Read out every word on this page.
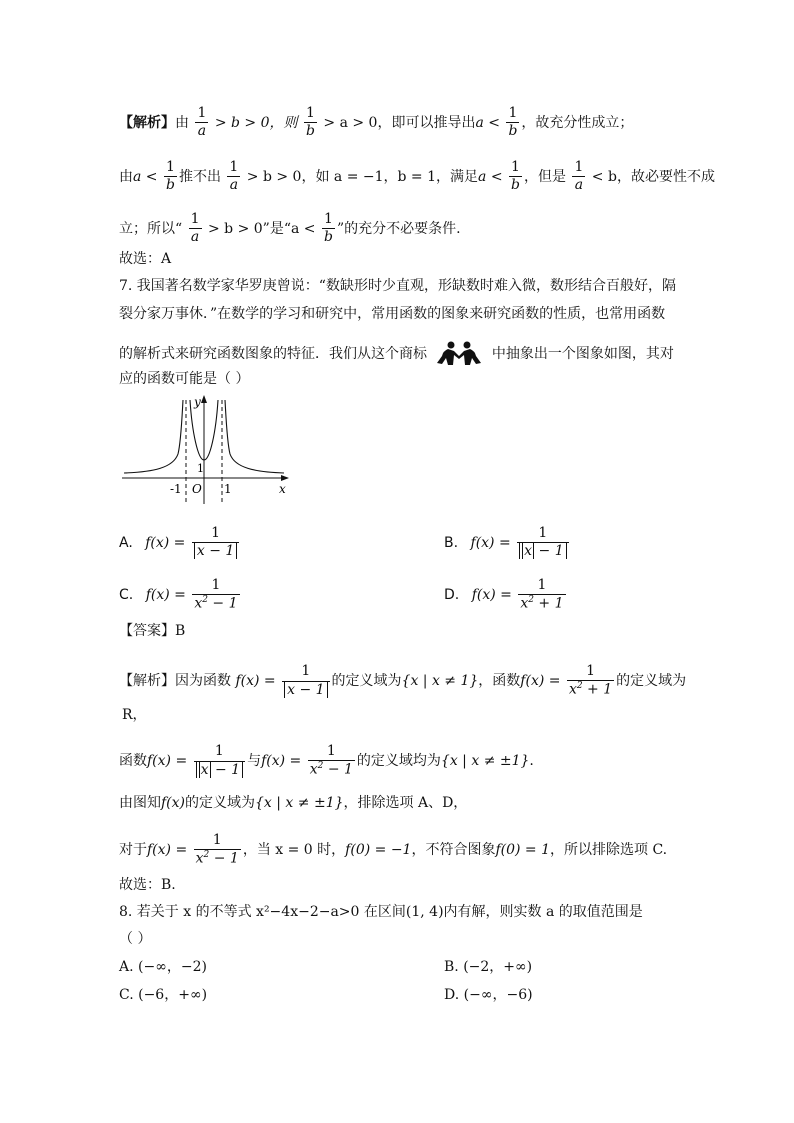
【解析】由 $\frac{1}{a} > b > 0$，则 $\frac{1}{b} > a > 0$，即可以推导出$a < \frac{1}{b}$ ，故充分性成立；
由$a < \frac{1}{b}$ 推不出 $\frac{1}{a} > b > 0$，如 a = −1，b = 1，满足$a < \frac{1}{b}$ ，但是 $\frac{1}{a} < b$，故必要性不成
立；所以“ $\frac{1}{a} > b > 0$”是“$a < \frac{1}{b}$ ”的充分不必要条件.
故选：A
7. 我国著名数学家华罗庚曾说：“数缺形时少直观，形缺数时难入微，数形结合百般好，隔
裂分家万事休．”在数学的学习和研究中，常用函数的图象来研究函数的性质，也常用函数
的解析式来研究函数图象的特征．我们从这个商标	中抽象出一个图象如图，其对
应的函数可能是（ ）
y
x
-1 O 1
1
A. $f(x) = \frac{1}{x - 1}$	B. $f(x) = \frac{1}{x - 1}$
C. $f(x) = \frac{1}{x^2 - 1}$	D. $f(x) = \frac{1}{x^2 + 1}$
【答案】B
【解析】因为函数 $f(x) = \frac{1}{x - 1}$ 的定义域为{x | x ≠ 1}，函数$f(x) = \frac{1}{x^2 + 1}$ 的定义域为
R，
函数$f(x) = \frac{1}{x - 1}$ 与$f(x) = \frac{1}{x^2 - 1}$ 的定义域均为{x | x ≠ ±1}.
由图知f(x)的定义域为{x | x ≠ ±1}，排除选项 A、D，
对于$f(x) = \frac{1}{x^2 - 1}$ ，当 x = 0 时，f(0) = −1，不符合图象f(0) = 1，所以排除选项 C.
故选：B.
8. 若关于 x 的不等式 x²−4x−2−a>0 在区间(1, 4)内有解，则实数 a 的取值范围是
（ ）
A. (−∞，−2)	B. (−2，+∞)
C. (−6，+∞)	D. (−∞，−6)
